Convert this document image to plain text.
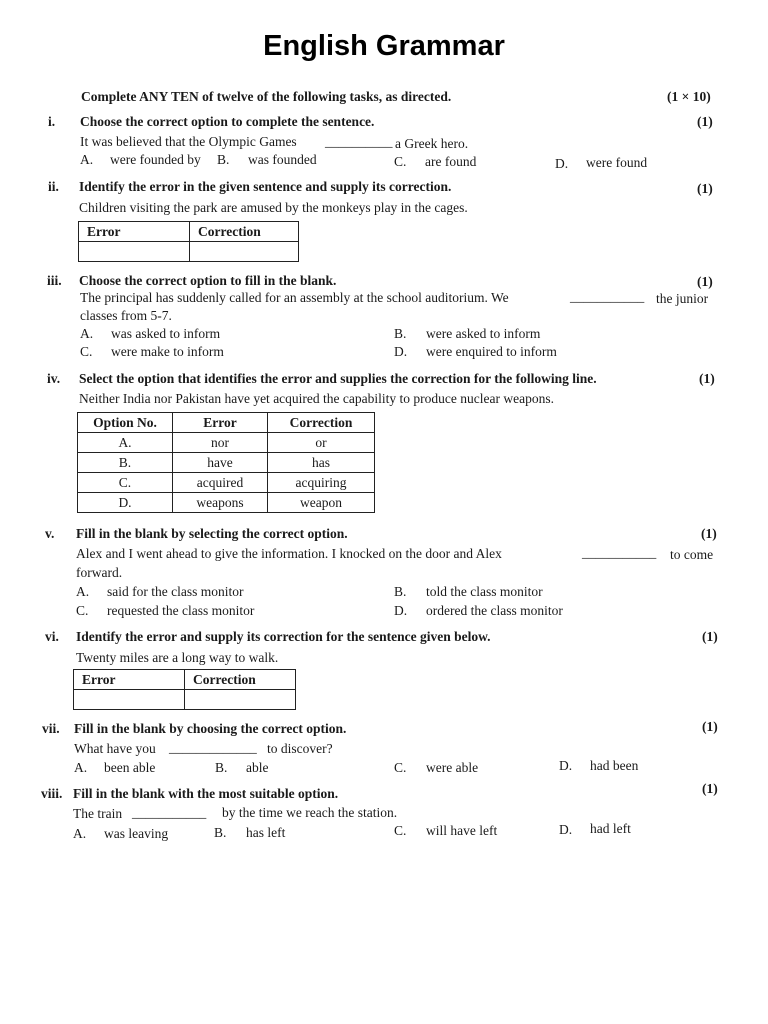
English Grammar
Complete ANY TEN of twelve of the following tasks, as directed.	(1 × 10)
i. Choose the correct option to complete the sentence.	(1)
It was believed that the Olympic Games __________ a Greek hero.
A. were founded by B. was founded	C. are found	D. were found
ii. Identify the error in the given sentence and supply its correction.	(1)
Children visiting the park are amused by the monkeys play in the cages.
Error	Correction

iii. Choose the correct option to fill in the blank.	(1)
The principal has suddenly called for an assembly at the school auditorium. We	___________ the junior
classes from 5-7.
A. was asked to inform	B. were asked to inform
C. were make to inform	D. were enquired to inform
iv. Select the option that identifies the error and supplies the correction for the following line.	(1)
Neither India nor Pakistan have yet acquired the capability to produce nuclear weapons.
Option No.	Error	Correction
A.	nor	or
B.	have	has
C.	acquired	acquiring
D.	weapons	weapon
v. Fill in the blank by selecting the correct option.	(1)
Alex and I went ahead to give the information. I knocked on the door and Alex	___________ to come
forward.
A. said for the class monitor	B. told the class monitor
C. requested the class monitor	D. ordered the class monitor
vi. Identify the error and supply its correction for the sentence given below.	(1)
Twenty miles are a long way to walk.
Error	Correction

vii. Fill in the blank by choosing the correct option.	(1)
What have you _____________ to discover?
A. been able	B. able	C. were able	D. had been
viii. Fill in the blank with the most suitable option.	(1)
The train ___________ by the time we reach the station.
A. was leaving	B. has left	C. will have left	D. had left
